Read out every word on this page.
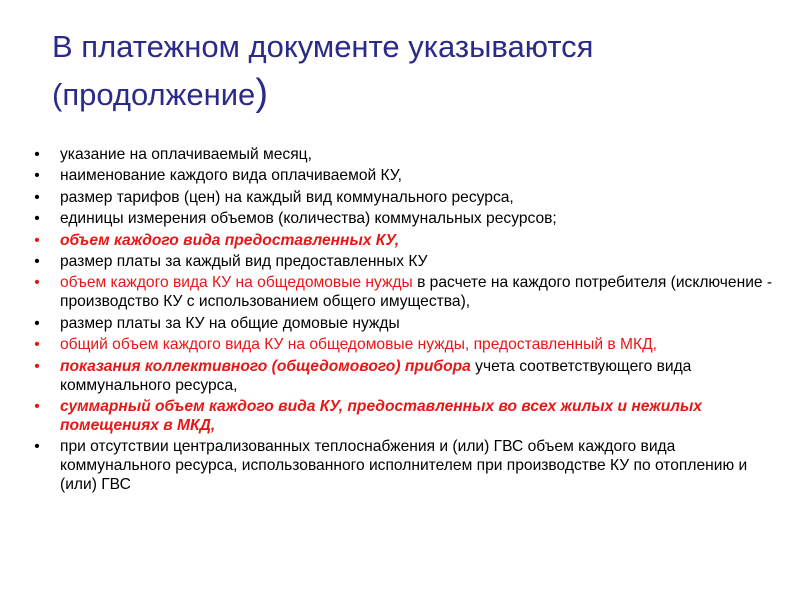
В платежном документе указываются
(продолжение)
• указание на оплачиваемый месяц,
• наименование каждого вида оплачиваемой КУ,
• размер тарифов (цен) на каждый вид коммунального ресурса,
• единицы измерения объемов (количества) коммунальных ресурсов;
• объем каждого вида предоставленных КУ,
• размер платы за каждый вид предоставленных КУ
• объем каждого вида КУ на общедомовые нужды в расчете на каждого потребителя (исключение - производство КУ с использованием общего имущества),
• размер платы за КУ на общие домовые нужды
• общий объем каждого вида КУ на общедомовые нужды, предоставленный в МКД,
• показания коллективного (общедомового) прибора учета соответствующего вида коммунального ресурса,
• суммарный объем каждого вида КУ, предоставленных во всех жилых и нежилых помещениях в МКД,
• при отсутствии централизованных теплоснабжения и (или) ГВС объем каждого вида коммунального ресурса, использованного исполнителем при производстве КУ по отоплению и (или) ГВС
